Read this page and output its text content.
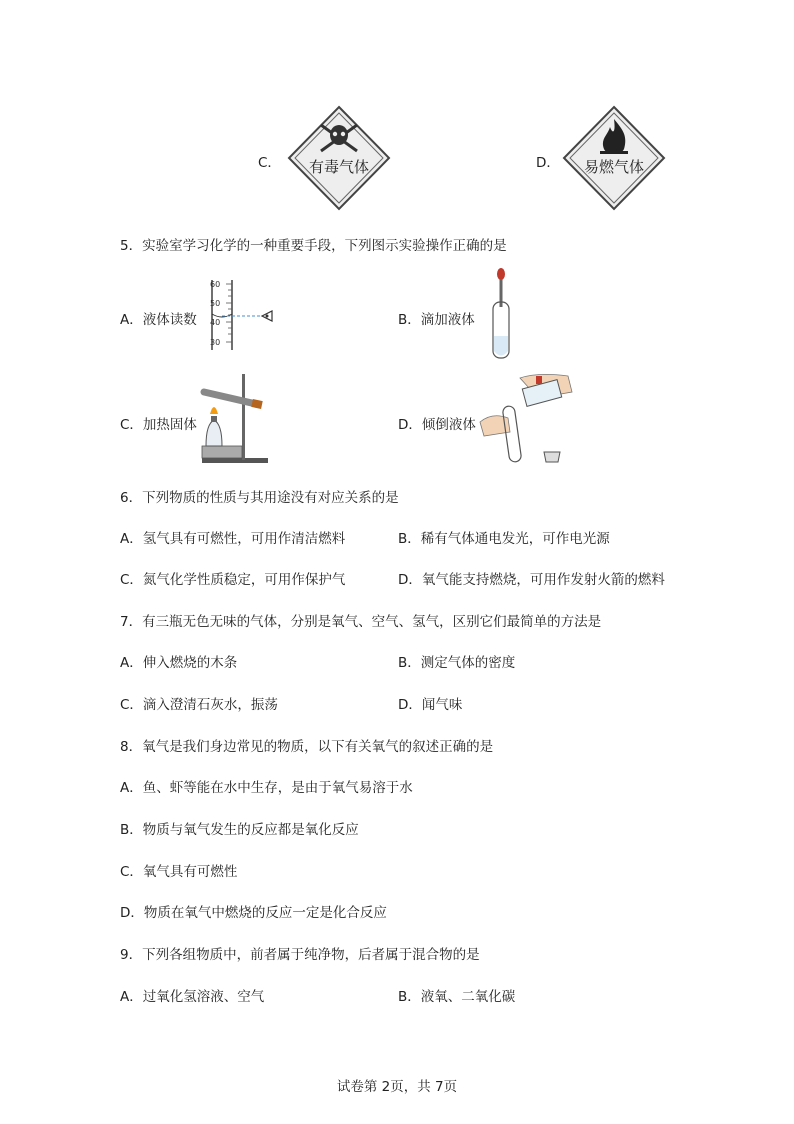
C． 有毒气体	D． 易燃气体
5．实验室学习化学的一种重要手段，下列图示实验操作正确的是
A．液体读数
60
50
40
30
B．滴加液体
C．加热固体	D．倾倒液体
6．下列物质的性质与其用途没有对应关系的是
A．氢气具有可燃性，可用作清洁燃料	B．稀有气体通电发光，可作电光源
C．氮气化学性质稳定，可用作保护气	D．氧气能支持燃烧，可用作发射火箭的燃料
7．有三瓶无色无味的气体，分别是氧气、空气、氢气，区别它们最简单的方法是
A．伸入燃烧的木条	B．测定气体的密度
C．滴入澄清石灰水，振荡	D．闻气味
8．氧气是我们身边常见的物质，以下有关氧气的叙述正确的是
A．鱼、虾等能在水中生存，是由于氧气易溶于水
B．物质与氧气发生的反应都是氧化反应
C．氧气具有可燃性
D．物质在氧气中燃烧的反应一定是化合反应
9．下列各组物质中，前者属于纯净物，后者属于混合物的是
A．过氧化氢溶液、空气	B．液氧、二氧化碳
试卷第 2页，共 7页
